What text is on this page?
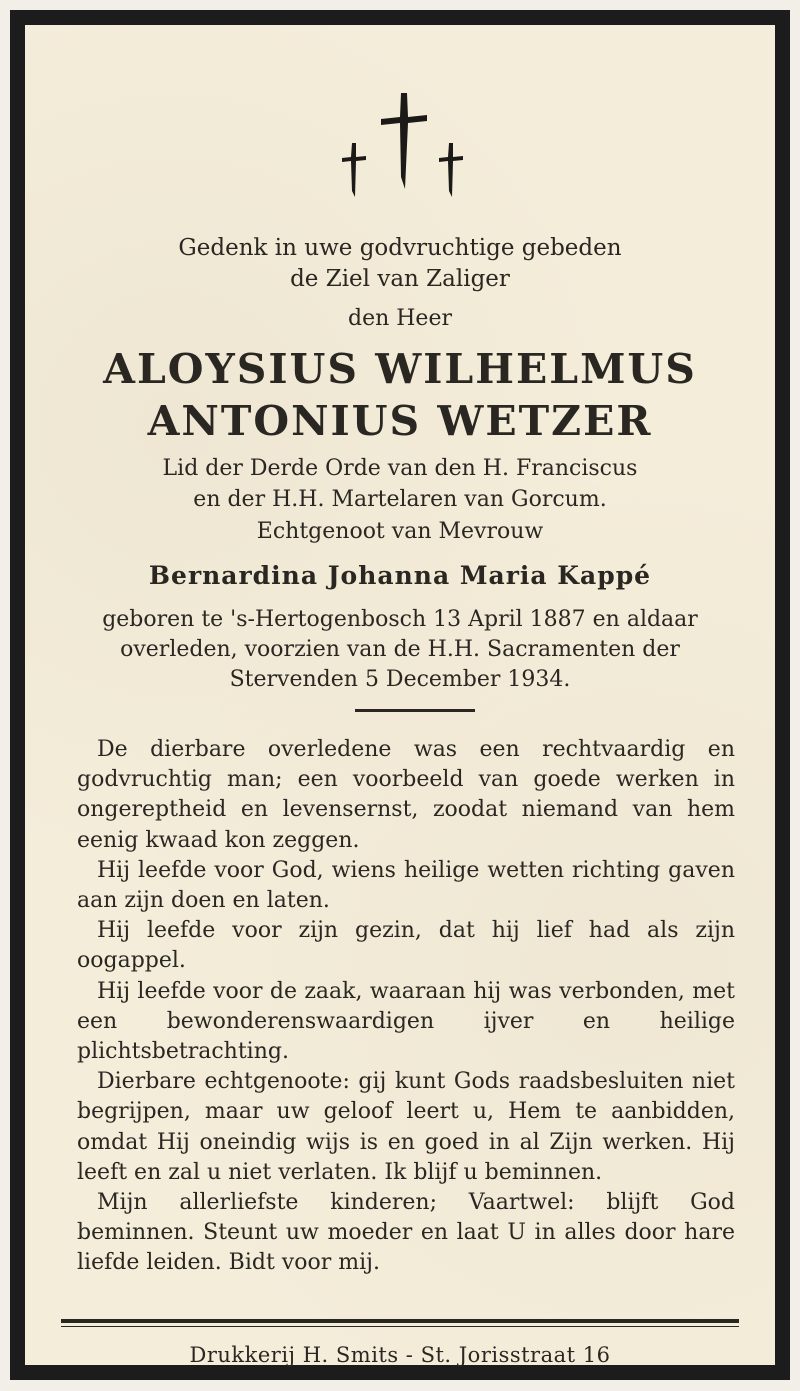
Gedenk in uwe godvruchtige gebeden
de Ziel van Zaliger
den Heer
ALOYSIUS WILHELMUS
ANTONIUS WETZER
Lid der Derde Orde van den H. Franciscus
en der H.H. Martelaren van Gorcum.
Echtgenoot van Mevrouw
Bernardina Johanna Maria Kappé
geboren te 's-Hertogenbosch 13 April 1887 en aldaar
overleden, voorzien van de H.H. Sacramenten der
Stervenden 5 December 1934.

De dierbare overledene was een rechtvaardig en godvruchtig man; een voorbeeld van goede werken in ongereptheid en levensernst, zoodat niemand van hem eenig kwaad kon zeggen.

Hij leefde voor God, wiens heilige wetten richting gaven aan zijn doen en laten.

Hij leefde voor zijn gezin, dat hij lief had als zijn oogappel.

Hij leefde voor de zaak, waaraan hij was verbonden, met een bewonderenswaardigen ijver en heilige plichtsbetrachting.

Dierbare echtgenoote: gij kunt Gods raadsbesluiten niet begrijpen, maar uw geloof leert u, Hem te aanbidden, omdat Hij oneindig wijs is en goed in al Zijn werken. Hij leeft en zal u niet verlaten. Ik blijf u beminnen.

Mijn allerliefste kinderen; Vaartwel: blijft God beminnen. Steunt uw moeder en laat U in alles door hare liefde leiden. Bidt voor mij.

Drukkerij H. Smits - St. Jorisstraat 16
